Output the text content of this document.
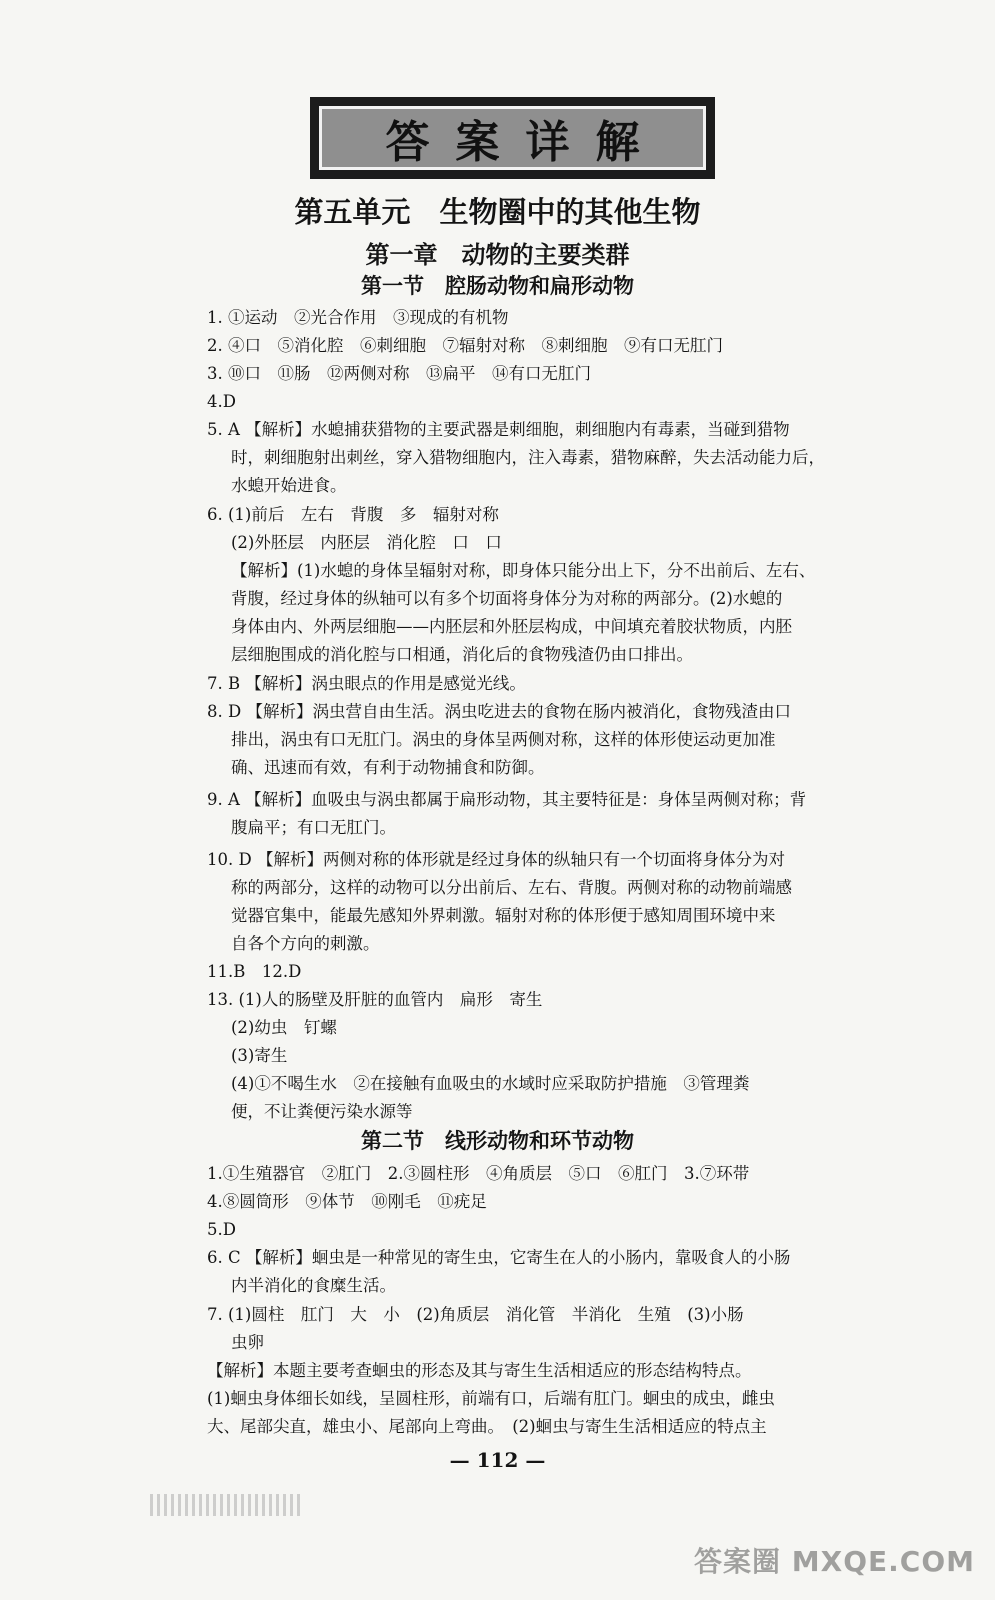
答案详解
第五单元　生物圈中的其他生物
第一章　动物的主要类群
第一节　腔肠动物和扁形动物

1. ①运动　②光合作用　③现成的有机物

2. ④口　⑤消化腔　⑥刺细胞　⑦辐射对称　⑧刺细胞　⑨有口无肛门

3. ⑩口　⑪肠　⑫两侧对称　⑬扁平　⑭有口无肛门

4.D

5. A 【解析】水螅捕获猎物的主要武器是刺细胞，刺细胞内有毒素，当碰到猎物

时，刺细胞射出刺丝，穿入猎物细胞内，注入毒素，猎物麻醉，失去活动能力后，

水螅开始进食。

6. (1)前后　左右　背腹　多　辐射对称

(2)外胚层　内胚层　消化腔　口　口

【解析】(1)水螅的身体呈辐射对称，即身体只能分出上下，分不出前后、左右、

背腹，经过身体的纵轴可以有多个切面将身体分为对称的两部分。(2)水螅的

身体由内、外两层细胞——内胚层和外胚层构成，中间填充着胶状物质，内胚

层细胞围成的消化腔与口相通，消化后的食物残渣仍由口排出。

7. B 【解析】涡虫眼点的作用是感觉光线。

8. D 【解析】涡虫营自由生活。涡虫吃进去的食物在肠内被消化，食物残渣由口

排出，涡虫有口无肛门。涡虫的身体呈两侧对称，这样的体形使运动更加准

确、迅速而有效，有利于动物捕食和防御。

9. A 【解析】血吸虫与涡虫都属于扁形动物，其主要特征是：身体呈两侧对称；背

腹扁平；有口无肛门。

10. D 【解析】两侧对称的体形就是经过身体的纵轴只有一个切面将身体分为对

称的两部分，这样的动物可以分出前后、左右、背腹。两侧对称的动物前端感

觉器官集中，能最先感知外界刺激。辐射对称的体形便于感知周围环境中来

自各个方向的刺激。

11.B　12.D

13. (1)人的肠壁及肝脏的血管内　扁形　寄生

(2)幼虫　钉螺

(3)寄生

(4)①不喝生水　②在接触有血吸虫的水域时应采取防护措施　③管理粪

便，不让粪便污染水源等

第二节　线形动物和环节动物

1.①生殖器官　②肛门　2.③圆柱形　④角质层　⑤口　⑥肛门　3.⑦环带

4.⑧圆筒形　⑨体节　⑩刚毛　⑪疣足

5.D

6. C 【解析】蛔虫是一种常见的寄生虫，它寄生在人的小肠内，靠吸食人的小肠

内半消化的食糜生活。

7. (1)圆柱　肛门　大　小　(2)角质层　消化管　半消化　生殖　(3)小肠

虫卵

【解析】本题主要考查蛔虫的形态及其与寄生生活相适应的形态结构特点。

(1)蛔虫身体细长如线，呈圆柱形，前端有口，后端有肛门。蛔虫的成虫，雌虫

大、尾部尖直，雄虫小、尾部向上弯曲。　(2)蛔虫与寄生生活相适应的特点主

— 112 —
答案圈 MXQE.COM
